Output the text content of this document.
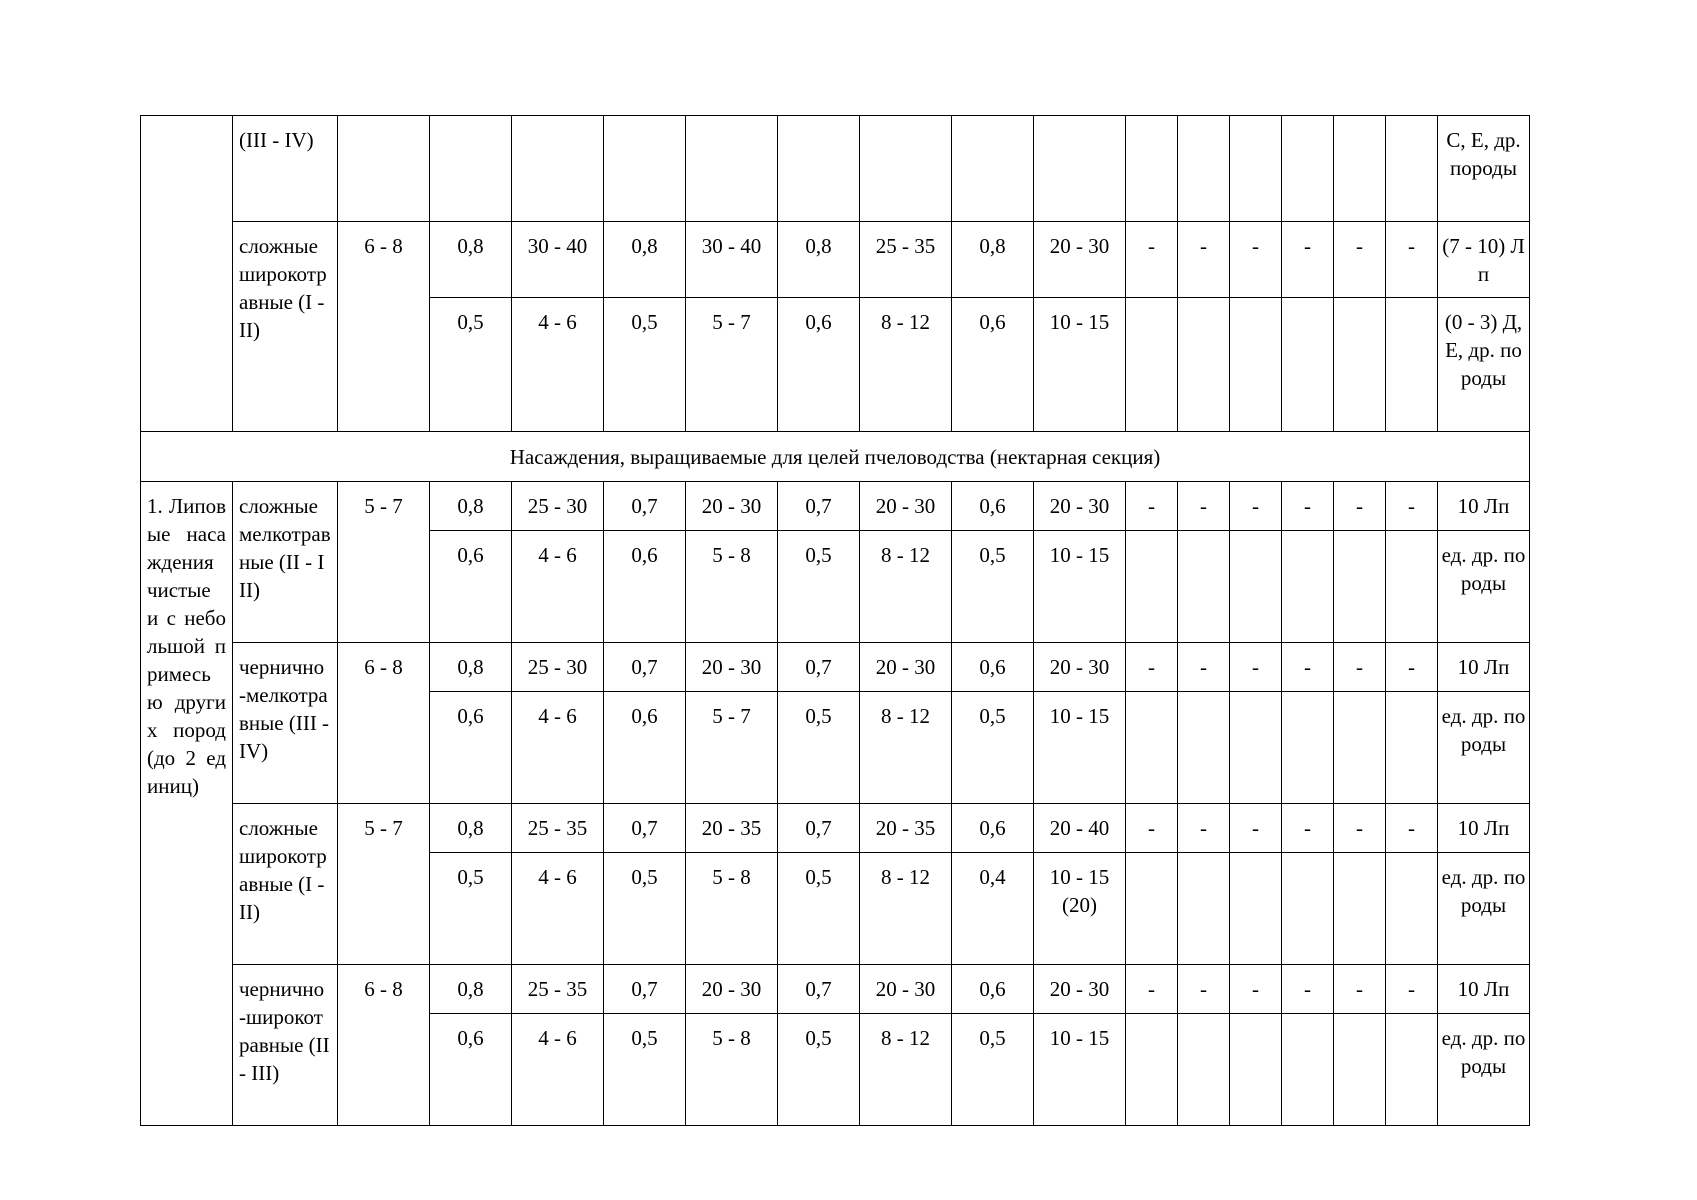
	(III - IV)																С, Е, др. породы
	сложные широкотравные (I - II)	6 - 8	0,8	30 - 40	0,8	30 - 40	0,8	25 - 35	0,8	20 - 30	-	-	-	-	-	-	(7 - 10) Лп
			0,5	4 - 6	0,5	5 - 7	0,6	8 - 12	0,6	10 - 15							(0 - 3) Д, Е, др. породы
Насаждения, выращиваемые для целей пчеловодства (нектарная секция)																	
1. Липовые насаждения чистые и с небольшой примесью других пород (до 2 единиц)	сложные мелкотравные (II - III)	5 - 7	0,8	25 - 30	0,7	20 - 30	0,7	20 - 30	0,6	20 - 30	-	-	-	-	-	-	10 Лп
			0,6	4 - 6	0,6	5 - 8	0,5	8 - 12	0,5	10 - 15							ед. др. породы
	чернично-мелкотравные (III - IV)	6 - 8	0,8	25 - 30	0,7	20 - 30	0,7	20 - 30	0,6	20 - 30	-	-	-	-	-	-	10 Лп
			0,6	4 - 6	0,6	5 - 7	0,5	8 - 12	0,5	10 - 15							ед. др. породы
	сложные широкотравные (I - II)	5 - 7	0,8	25 - 35	0,7	20 - 35	0,7	20 - 35	0,6	20 - 40	-	-	-	-	-	-	10 Лп
			0,5	4 - 6	0,5	5 - 8	0,5	8 - 12	0,4	10 - 15 (20)							ед. др. породы
	чернично-широкотравные (II - III)	6 - 8	0,8	25 - 35	0,7	20 - 30	0,7	20 - 30	0,6	20 - 30	-	-	-	-	-	-	10 Лп
			0,6	4 - 6	0,5	5 - 8	0,5	8 - 12	0,5	10 - 15							ед. др. породы
